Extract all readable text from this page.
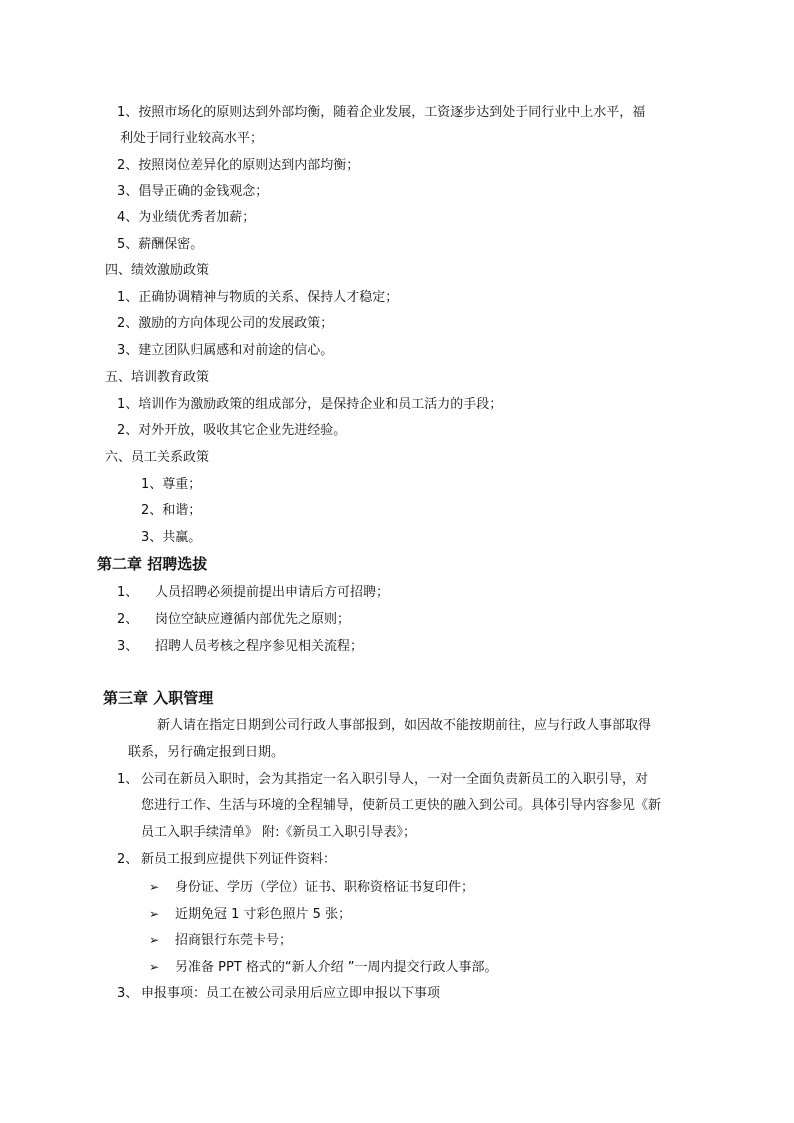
1、按照市场化的原则达到外部均衡，随着企业发展，工资逐步达到处于同行业中上水平，福
利处于同行业较高水平；
2、按照岗位差异化的原则达到内部均衡；
3、倡导正确的金钱观念；
4、为业绩优秀者加薪；
5、薪酬保密。
四、绩效激励政策
1、正确协调精神与物质的关系、保持人才稳定；
2、激励的方向体现公司的发展政策；
3、建立团队归属感和对前途的信心。
五、培训教育政策
1、培训作为激励政策的组成部分，是保持企业和员工活力的手段；
2、对外开放，吸收其它企业先进经验。
六、员工关系政策
1、尊重；
2、和谐；
3、共赢。
第二章 招聘选拔
1、 人员招聘必须提前提出申请后方可招聘；
2、 岗位空缺应遵循内部优先之原则；
3、 招聘人员考核之程序参见相关流程；
第三章 入职管理
新人请在指定日期到公司行政人事部报到，如因故不能按期前往，应与行政人事部取得
联系，另行确定报到日期。
1、 公司在新员入职时，会为其指定一名入职引导人，一对一全面负责新员工的入职引导，对
您进行工作、生活与环境的全程辅导，使新员工更快的融入到公司。具体引导内容参见《新
员工入职手续清单》 附:《新员工入职引导表》；
2、 新员工报到应提供下列证件资料：
➢ 身份证、学历（学位）证书、职称资格证书复印件；
➢ 近期免冠 1 寸彩色照片 5 张；
➢ 招商银行东莞卡号；
➢ 另准备 PPT 格式的“新人介绍 ”一周内提交行政人事部。
3、 申报事项：员工在被公司录用后应立即申报以下事项
